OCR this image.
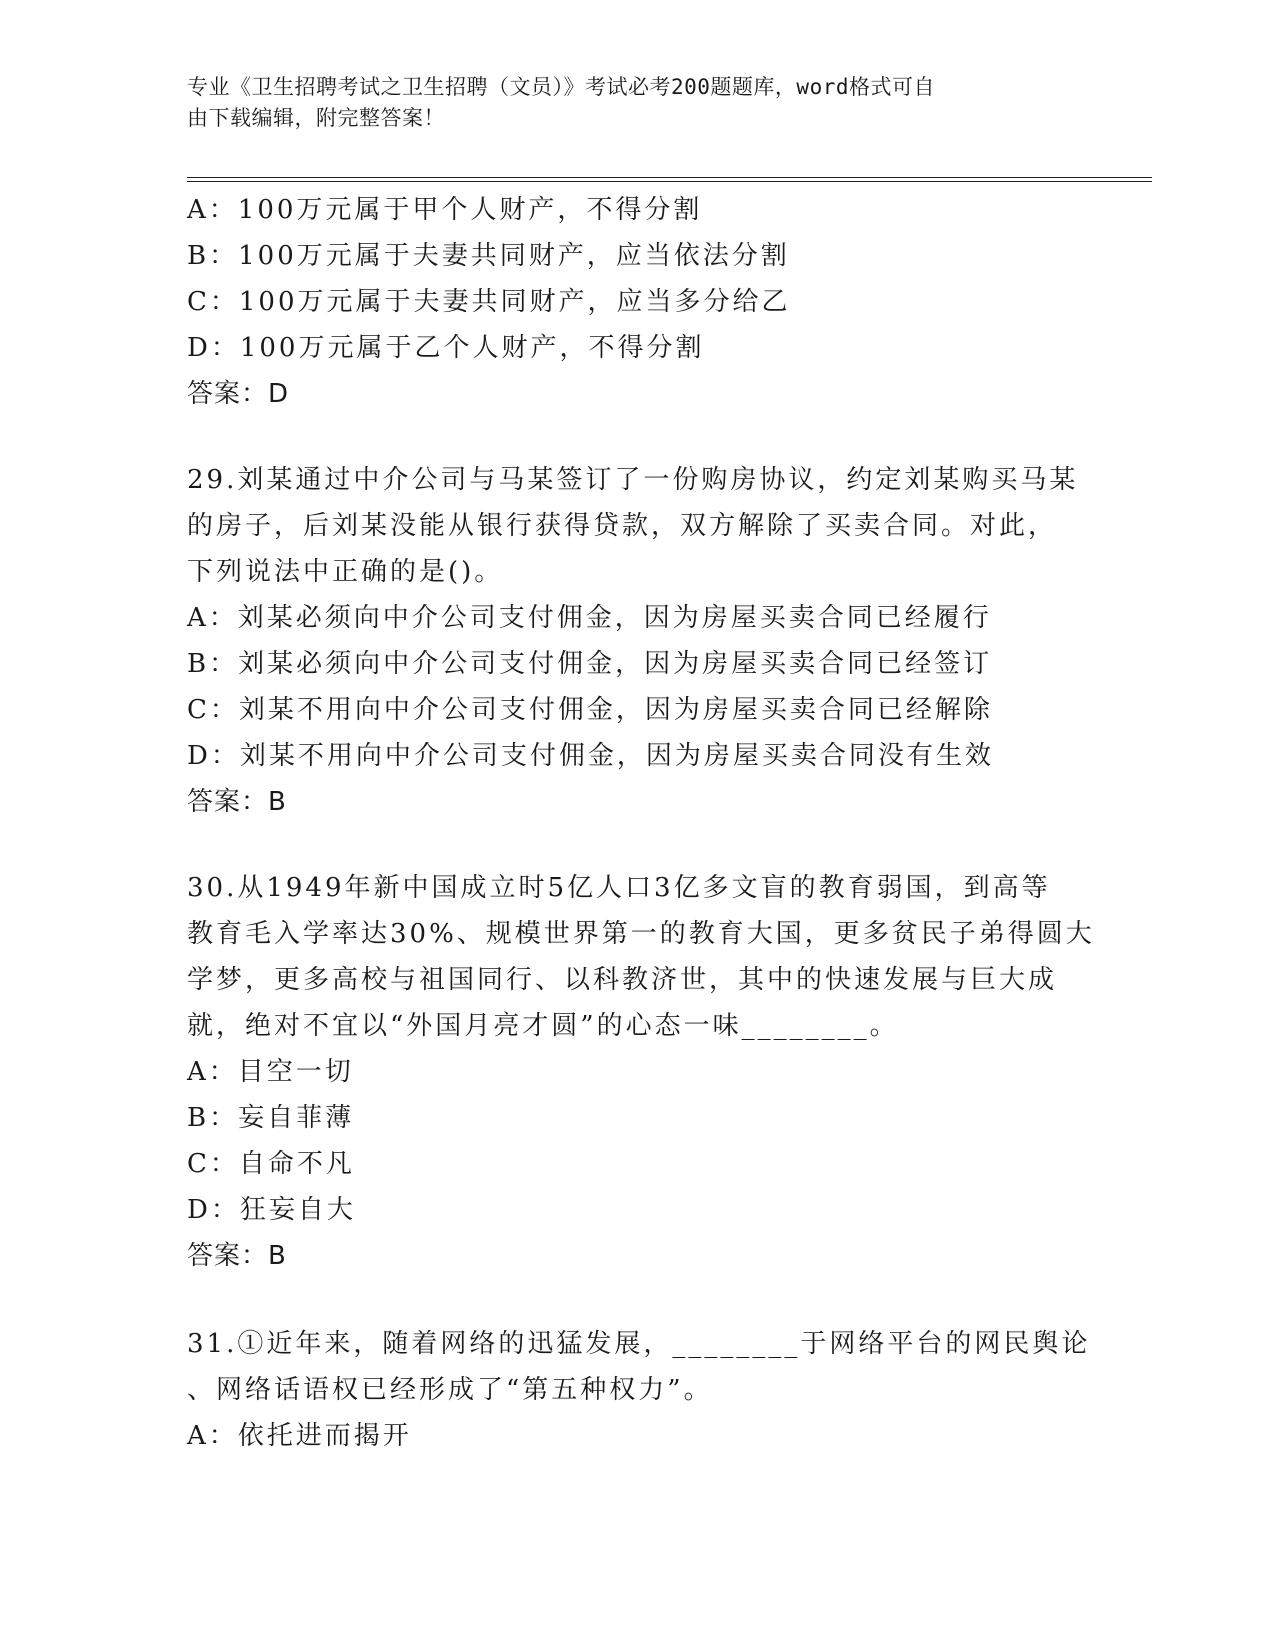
专业《卫生招聘考试之卫生招聘（文员）》考试必考200题题库，word格式可自
由下载编辑，附完整答案！
A：100万元属于甲个人财产，不得分割
B：100万元属于夫妻共同财产，应当依法分割
C：100万元属于夫妻共同财产，应当多分给乙
D：100万元属于乙个人财产，不得分割
答案：D
29.刘某通过中介公司与马某签订了一份购房协议，约定刘某购买马某
的房子，后刘某没能从银行获得贷款，双方解除了买卖合同。对此，
下列说法中正确的是()。
A：刘某必须向中介公司支付佣金，因为房屋买卖合同已经履行
B：刘某必须向中介公司支付佣金，因为房屋买卖合同已经签订
C：刘某不用向中介公司支付佣金，因为房屋买卖合同已经解除
D：刘某不用向中介公司支付佣金，因为房屋买卖合同没有生效
答案：B
30.从1949年新中国成立时5亿人口3亿多文盲的教育弱国，到高等
教育毛入学率达30%、规模世界第一的教育大国，更多贫民子弟得圆大
学梦，更多高校与祖国同行、以科教济世，其中的快速发展与巨大成
就，绝对不宜以“外国月亮才圆”的心态一味________。
A：目空一切
B：妄自菲薄
C：自命不凡
D：狂妄自大
答案：B
31.①近年来，随着网络的迅猛发展，________于网络平台的网民舆论
、网络话语权已经形成了“第五种权力”。
A：依托进而揭开
